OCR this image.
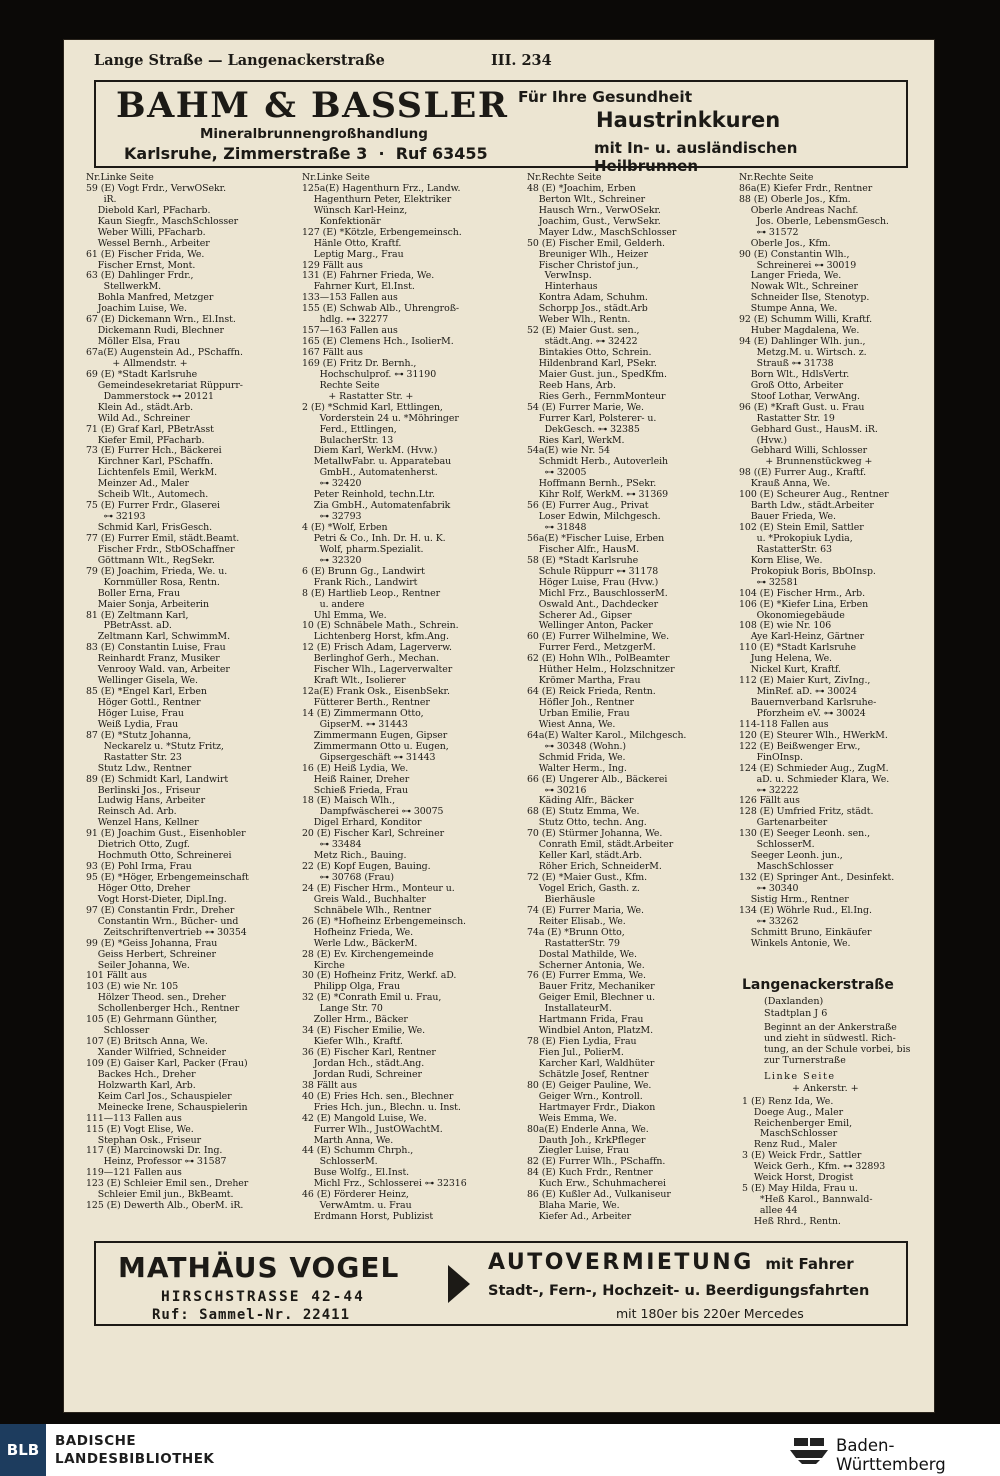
Lange Straße — Langenackerstraße	III. 234
BAHM & BASSLER
Mineralbrunnengroßhandlung
Karlsruhe, Zimmerstraße 3  ·  Ruf 63455
Für Ihre Gesundheit
Haustrinkkuren
mit In- u. ausländischen Heilbrunnen
Nr.Linke Seite
59 (E) Vogt Frdr., VerwOSekr.
iR.
Diebold Karl, PFacharb.
Kaun Siegfr., MaschSchlosser
Weber Willi, PFacharb.
Wessel Bernh., Arbeiter
61 (E) Fischer Frida, We.
Fischer Ernst, Mont.
63 (E) Dahlinger Frdr.,
StellwerkM.
Bohla Manfred, Metzger
Joachim Luise, We.
67 (E) Dickemann Wrn., El.Inst.
Dickemann Rudi, Blechner
Möller Elsa, Frau
67a(E) Augenstein Ad., PSchaffn.
+ Allmendstr. +
69 (E) *Stadt Karlsruhe
Gemeindesekretariat Rüppurr-
Dammerstock ⊶ 20121
Klein Ad., städt.Arb.
Wild Ad., Schreiner
71 (E) Graf Karl, PBetrAsst
Kiefer Emil, PFacharb.
73 (E) Furrer Hch., Bäckerei
Kirchner Karl, PSchaffn.
Lichtenfels Emil, WerkM.
Meinzer Ad., Maler
Scheib Wlt., Automech.
75 (E) Furrer Frdr., Glaserei
⊶ 32193
Schmid Karl, FrisGesch.
77 (E) Furrer Emil, städt.Beamt.
Fischer Frdr., StbOSchaffner
Göttmann Wlt., RegSekr.
79 (E) Joachim, Frieda, We. u.
Kornmüller Rosa, Rentn.
Boller Erna, Frau
Maier Sonja, Arbeiterin
81 (E) Zeltmann Karl,
PBetrAsst. aD.
Zeltmann Karl, SchwimmM.
83 (E) Constantin Luise, Frau
Reinhardt Franz, Musiker
Venrooy Wald. van, Arbeiter
Wellinger Gisela, We.
85 (E) *Engel Karl, Erben
Höger Gottl., Rentner
Höger Luise, Frau
Weiß Lydia, Frau
87 (E) *Stutz Johanna,
Neckarelz u. *Stutz Fritz,
Rastatter Str. 23
Stutz Ldw., Rentner
89 (E) Schmidt Karl, Landwirt
Berlinski Jos., Friseur
Ludwig Hans, Arbeiter
Reinsch Ad. Arb.
Wenzel Hans, Kellner
91 (E) Joachim Gust., Eisenhobler
Dietrich Otto, Zugf.
Hochmuth Otto, Schreinerei
93 (E) Pohl Irma, Frau
95 (E) *Höger, Erbengemeinschaft
Höger Otto, Dreher
Vogt Horst-Dieter, Dipl.Ing.
97 (E) Constantin Frdr., Dreher
Constantin Wrn., Bücher- und
Zeitschriftenvertrieb ⊶ 30354
99 (E) *Geiss Johanna, Frau
Geiss Herbert, Schreiner
Seiler Johanna, We.
101 Fällt aus
103 (E) wie Nr. 105
Hölzer Theod. sen., Dreher
Schollenberger Hch., Rentner
105 (E) Gehrmann Günther,
Schlosser
107 (E) Britsch Anna, We.
Xander Wilfried, Schneider
109 (E) Gaiser Karl, Packer (Frau)
Backes Hch., Dreher
Holzwarth Karl, Arb.
Keim Carl Jos., Schauspieler
Meinecke Irene, Schauspielerin
111—113 Fallen aus
115 (E) Vogt Elise, We.
Stephan Osk., Friseur
117 (E) Marcinowski Dr. Ing.
Heinz, Professor ⊶ 31587
119—121 Fallen aus
123 (E) Schleier Emil sen., Dreher
Schleier Emil jun., BkBeamt.
125 (E) Dewerth Alb., OberM. iR.
Nr.Linke Seite
125a(E) Hagenthurn Frz., Landw.
Hagenthurn Peter, Elektriker
Wünsch Karl-Heinz,
Konfektionär
127 (E) *Kötzle, Erbengemeinsch.
Hänle Otto, Kraftf.
Leptig Marg., Frau
129 Fällt aus
131 (E) Fahrner Frieda, We.
Fahrner Kurt, El.Inst.
133—153 Fallen aus
155 (E) Schwab Alb., Uhrengroß-
hdlg. ⊶ 32277
157—163 Fallen aus
165 (E) Clemens Hch., IsolierM.
167 Fällt aus
169 (E) Fritz Dr. Bernh.,
Hochschulprof. ⊶ 31190
Rechte Seite
+ Rastatter Str. +
2 (E) *Schmid Karl, Ettlingen,
Vorderstein 24 u. *Möhringer
Ferd., Ettlingen,
BulacherStr. 13
Diem Karl, WerkM. (Hvw.)
MetallwFabr. u. Apparatebau
GmbH., Automatenherst.
⊶ 32420
Peter Reinhold, techn.Ltr.
Zia GmbH., Automatenfabrik
⊶ 32793
4 (E) *Wolf, Erben
Petri & Co., Inh. Dr. H. u. K.
Wolf, pharm.Spezialit.
⊶ 32320
6 (E) Brunn Gg., Landwirt
Frank Rich., Landwirt
8 (E) Hartlieb Leop., Rentner
u. andere
Uhl Emma, We.
10 (E) Schnäbele Math., Schrein.
Lichtenberg Horst, kfm.Ang.
12 (E) Frisch Adam, Lagerverw.
Berlinghof Gerh., Mechan.
Fischer Wlh., Lagerverwalter
Kraft Wlt., Isolierer
12a(E) Frank Osk., EisenbSekr.
Fütterer Berth., Rentner
14 (E) Zimmermann Otto,
GipserM. ⊶ 31443
Zimmermann Eugen, Gipser
Zimmermann Otto u. Eugen,
Gipsergeschäft ⊶ 31443
16 (E) Heiß Lydia, We.
Heiß Rainer, Dreher
Schieß Frieda, Frau
18 (E) Maisch Wlh.,
Dampfwäscherei ⊶ 30075
Digel Erhard, Konditor
20 (E) Fischer Karl, Schreiner
⊶ 33484
Metz Rich., Bauing.
22 (E) Kopf Eugen, Bauing.
⊶ 30768 (Frau)
24 (E) Fischer Hrm., Monteur u.
Greis Wald., Buchhalter
Schnäbele Wlh., Rentner
26 (E) *Hofheinz Erbengemeinsch.
Hofheinz Frieda, We.
Werle Ldw., BäckerM.
28 (E) Ev. Kirchengemeinde
Kirche
30 (E) Hofheinz Fritz, Werkf. aD.
Philipp Olga, Frau
32 (E) *Conrath Emil u. Frau,
Lange Str. 70
Zoller Hrm., Bäcker
34 (E) Fischer Emilie, We.
Kiefer Wlh., Kraftf.
36 (E) Fischer Karl, Rentner
Jordan Hch., städt.Ang.
Jordan Rudi, Schreiner
38 Fällt aus
40 (E) Fries Hch. sen., Blechner
Fries Hch. jun., Blechn. u. Inst.
42 (E) Mangold Luise, We.
Furrer Wlh., JustOWachtM.
Marth Anna, We.
44 (E) Schumm Chrph.,
SchlosserM.
Buse Wolfg., El.Inst.
Michl Frz., Schlosserei ⊶ 32316
46 (E) Förderer Heinz,
VerwAmtm. u. Frau
Erdmann Horst, Publizist
Nr.Rechte Seite
48 (E) *Joachim, Erben
Berton Wlt., Schreiner
Hausch Wrn., VerwOSekr.
Joachim, Gust., VerwSekr.
Mayer Ldw., MaschSchlosser
50 (E) Fischer Emil, Gelderh.
Breuniger Wlh., Heizer
Fischer Christof jun.,
VerwInsp.
Hinterhaus
Kontra Adam, Schuhm.
Schorpp Jos., städt.Arb
Weber Wlh., Rentn.
52 (E) Maier Gust. sen.,
städt.Ang. ⊶ 32422
Bintakies Otto, Schrein.
Hildenbrand Karl, PSekr.
Maier Gust. jun., SpedKfm.
Reeb Hans, Arb.
Ries Gerh., FernmMonteur
54 (E) Furrer Marie, We.
Furrer Karl, Polsterer- u.
DekGesch. ⊶ 32385
Ries Karl, WerkM.
54a(E) wie Nr. 54
Schmidt Herb., Autoverleih
⊶ 32005
Hoffmann Bernh., PSekr.
Kihr Rolf, WerkM. ⊶ 31369
56 (E) Furrer Aug., Privat
Loser Edwin, Milchgesch.
⊶ 31848
56a(E) *Fischer Luise, Erben
Fischer Alfr., HausM.
58 (E) *Stadt Karlsruhe
Schule Rüppurr ⊶ 31178
Höger Luise, Frau (Hvw.)
Michl Frz., BauschlosserM.
Oswald Ant., Dachdecker
Scherer Ad., Gipser
Wellinger Anton, Packer
60 (E) Furrer Wilhelmine, We.
Furrer Ferd., MetzgerM.
62 (E) Hohn Wlh., PolBeamter
Hüther Helm., Holzschnitzer
Krömer Martha, Frau
64 (E) Reick Frieda, Rentn.
Höfler Joh., Rentner
Urban Emilie, Frau
Wiest Anna, We.
64a(E) Walter Karol., Milchgesch.
⊶ 30348 (Wohn.)
Schmid Frida, We.
Walter Herm., Ing.
66 (E) Ungerer Alb., Bäckerei
⊶ 30216
Käding Alfr., Bäcker
68 (E) Stutz Emma, We.
Stutz Otto, techn. Ang.
70 (E) Stürmer Johanna, We.
Conrath Emil, städt.Arbeiter
Keller Karl, städt.Arb.
Röher Erich, SchneiderM.
72 (E) *Maier Gust., Kfm.
Vogel Erich, Gasth. z.
Bierhäusle
74 (E) Furrer Maria, We.
Reiter Elisab., We.
74a (E) *Brunn Otto,
RastatterStr. 79
Dostal Mathilde, We.
Scherner Antonia, We.
76 (E) Furrer Emma, We.
Bauer Fritz, Mechaniker
Geiger Emil, Blechner u.
InstallateurM.
Hartmann Frida, Frau
Windbiel Anton, PlatzM.
78 (E) Fien Lydia, Frau
Fien Jul., PolierM.
Karcher Karl, Waldhüter
Schätzle Josef, Rentner
80 (E) Geiger Pauline, We.
Geiger Wrn., Kontroll.
Hartmayer Frdr., Diakon
Weis Emma, We.
80a(E) Enderle Anna, We.
Dauth Joh., KrkPfleger
Ziegler Luise, Frau
82 (E) Furrer Wlh., PSchaffn.
84 (E) Kuch Frdr., Rentner
Kuch Erw., Schuhmacherei
86 (E) Kußler Ad., Vulkaniseur
Blaha Marie, We.
Kiefer Ad., Arbeiter
Nr.Rechte Seite
86a(E) Kiefer Frdr., Rentner
88 (E) Oberle Jos., Kfm.
Oberle Andreas Nachf.
Jos. Oberle, LebensmGesch.
⊶ 31572
Oberle Jos., Kfm.
90 (E) Constantin Wlh.,
Schreinerei ⊶ 30019
Langer Frieda, We.
Nowak Wlt., Schreiner
Schneider Ilse, Stenotyp.
Stumpe Anna, We.
92 (E) Schumm Willi, Kraftf.
Huber Magdalena, We.
94 (E) Dahlinger Wlh. jun.,
Metzg.M. u. Wirtsch. z.
Strauß ⊶ 31738
Born Wlt., HdlsVertr.
Groß Otto, Arbeiter
Stoof Lothar, VerwAng.
96 (E) *Kraft Gust. u. Frau
Rastatter Str. 19
Gebhard Gust., HausM. iR.
(Hvw.)
Gebhard Willi, Schlosser
+ Brunnenstückweg +
98 ((E) Furrer Aug., Kraftf.
Krauß Anna, We.
100 (E) Scheurer Aug., Rentner
Barth Ldw., städt.Arbeiter
Bauer Frieda, We.
102 (E) Stein Emil, Sattler
u. *Prokopiuk Lydia,
RastatterStr. 63
Korn Elise, We.
Prokopiuk Boris, BbOInsp.
⊶ 32581
104 (E) Fischer Hrm., Arb.
106 (E) *Kiefer Lina, Erben
Ökonomiegebäude
108 (E) wie Nr. 106
Aye Karl-Heinz, Gärtner
110 (E) *Stadt Karlsruhe
Jung Helena, We.
Nickel Kurt, Kraftf.
112 (E) Maier Kurt, ZivIng.,
MinRef. aD. ⊶ 30024
Bauernverband Karlsruhe-
Pforzheim eV. ⊶ 30024
114-118 Fallen aus
120 (E) Steurer Wlh., HWerkM.
122 (E) Beißwenger Erw.,
FinOInsp.
124 (E) Schmieder Aug., ZugM.
aD. u. Schmieder Klara, We.
⊶ 32222
126 Fällt aus
128 (E) Umfried Fritz, städt.
Gartenarbeiter
130 (E) Seeger Leonh. sen.,
SchlosserM.
Seeger Leonh. jun.,
MaschSchlosser
132 (E) Springer Ant., Desinfekt.
⊶ 30340
Sistig Hrm., Rentner
134 (E) Wöhrle Rud., El.Ing.
⊶ 33262
Schmitt Bruno, Einkäufer
Winkels Antonie, We.
Langenackerstraße
(Daxlanden)
Stadtplan J 6
Beginnt an der Ankerstraße
und zieht in südwestl. Rich-
tung, an der Schule vorbei, bis
zur Turnerstraße
Linke Seite
+ Ankerstr. +
1 (E) Renz Ida, We.
Doege Aug., Maler
Reichenberger Emil,
MaschSchlosser
Renz Rud., Maler
3 (E) Weick Frdr., Sattler
Weick Gerh., Kfm. ⊶ 32893
Weick Horst, Drogist
5 (E) May Hilda, Frau u.
*Heß Karol., Bannwald-
allee 44
Heß Rhrd., Rentn.
MATHÄUS VOGEL
HIRSCHSTRASSE 42-44
Ruf: Sammel-Nr. 22411
AUTOVERMIETUNG mit Fahrer
Stadt-, Fern-, Hochzeit- u. Beerdigungsfahrten
mit 180er bis 220er Mercedes
BLB	BADISCHE
LANDESBIBLIOTHEK
Baden-Württemberg
